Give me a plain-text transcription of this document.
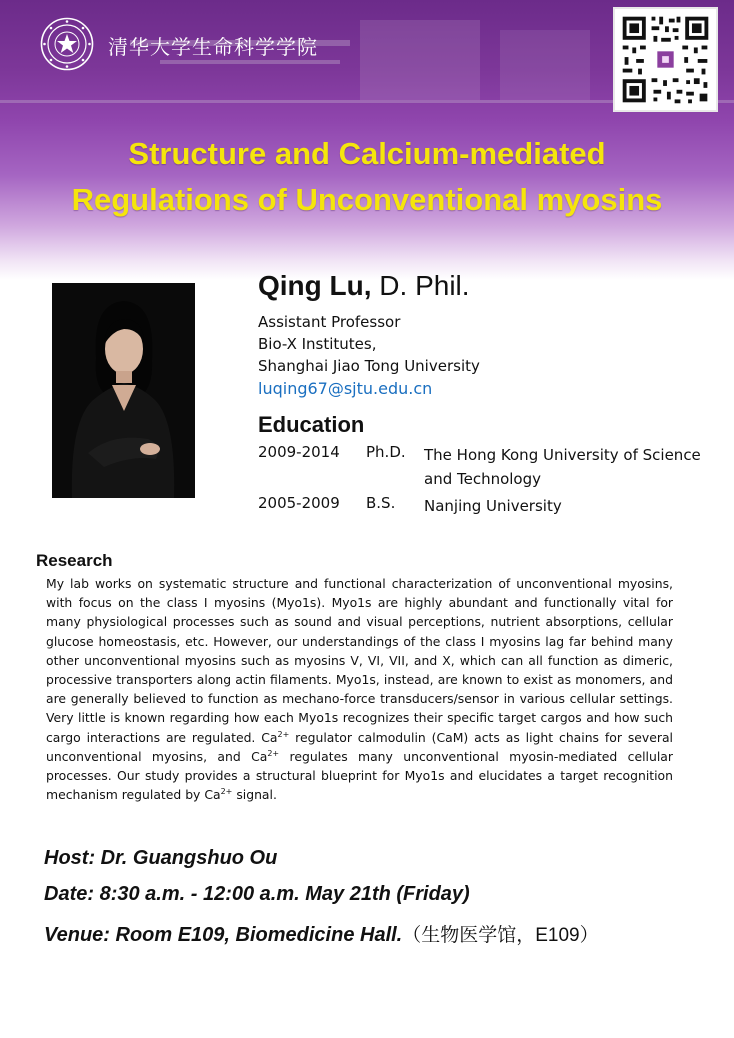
清华大学生命科学学院
Structure and Calcium-mediated
Regulations of Unconventional myosins
Qing Lu, D. Phil.
Assistant Professor
Bio-X Institutes,
Shanghai Jiao Tong University
luqing67@sjtu.edu.cn
Education
2009-2014 Ph.D. The Hong Kong University of Science and Technology
2005-2009 B.S. Nanjing University
Research
My lab works on systematic structure and functional characterization of unconventional myosins, with focus on the class I myosins (Myo1s). Myo1s are highly abundant and functionally vital for many physiological processes such as sound and visual perceptions, nutrient absorptions, cellular glucose homeostasis, etc. However, our understandings of the class I myosins lag far behind many other unconventional myosins such as myosins V, VI, VII, and X, which can all function as dimeric, processive transporters along actin filaments. Myo1s, instead, are known to exist as monomers, and are generally believed to function as mechano-force transducers/sensor in various cellular settings. Very little is known regarding how each Myo1s recognizes their specific target cargos and how such cargo interactions are regulated. $Ca^{2+}$ regulator calmodulin (CaM) acts as light chains for several unconventional myosins, and $Ca^{2+}$ regulates many unconventional myosin-mediated cellular processes. Our study provides a structural blueprint for Myo1s and elucidates a target recognition mechanism regulated by $Ca^{2+}$ signal.
Host: Dr. Guangshuo Ou
Date: 8:30 a.m. - 12:00 a.m. May 21th (Friday)
Venue: Room E109, Biomedicine Hall.（生物医学馆，E109）
